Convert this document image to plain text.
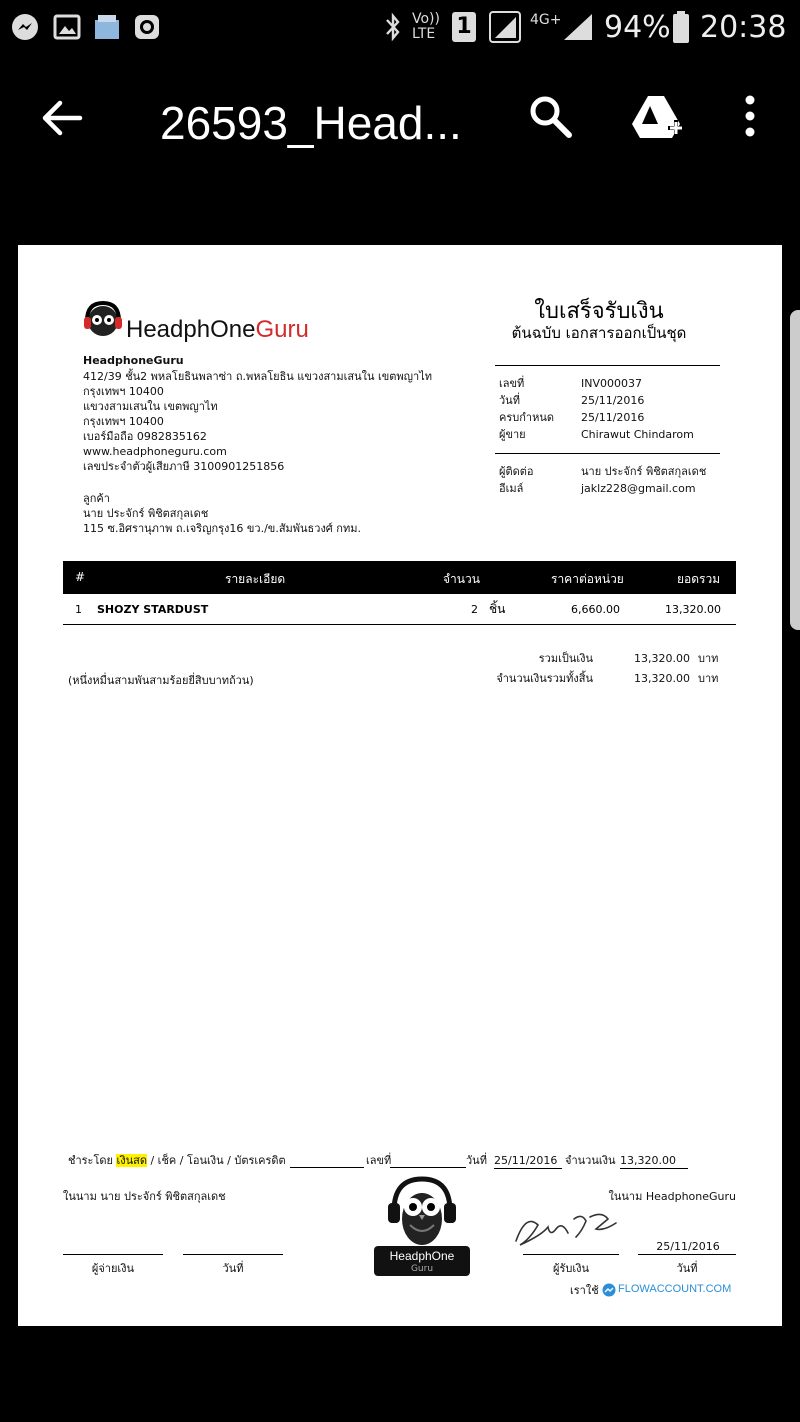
Vo)) LTE 1	4G+ 94% 20:38
26593_Head...
HeadphOneGuru
ใบเสร็จรับเงิน
ต้นฉบับ เอกสารออกเป็นชุด
HeadphoneGuru
412/39 ชั้น2 พหลโยธินพลาซ่า ถ.พหลโยธิน แขวงสามเสนใน เขตพญาไท
กรุงเทพฯ 10400
แขวงสามเสนใน เขตพญาไท
กรุงเทพฯ 10400
เบอร์มือถือ 0982835162
www.headphoneguru.com
เลขประจำตัวผู้เสียภาษี 3100901251856
ลูกค้า
นาย ประจักร์ พิชิตสกุลเดช
115 ซ.อิศรานุภาพ ถ.เจริญกรุง16 ขว./ข.สัมพันธวงศ์ กทม.
เลขที่	INV000037
วันที่	25/11/2016
ครบกำหนด 25/11/2016
ผู้ขาย	Chirawut Chindarom
ผู้ติดต่อ	นาย ประจักร์ พิชิตสกุลเดช
อีเมล์	jaklz228@gmail.com
#	รายละเอียด	จำนวน	ราคาต่อหน่วย	ยอดรวม
1 SHOZY STARDUST	2 ชิ้น	6,660.00	13,320.00
รวมเป็นเงิน	13,320.00 บาท
จำนวนเงินรวมทั้งสิ้น	13,320.00 บาท
(หนึ่งหมื่นสามพันสามร้อยยี่สิบบาทถ้วน)
ชำระโดย เงินสด / เช็ค / โอนเงิน / บัตรเครดิต	เลขที่	วันที่ 25/11/2016 จำนวนเงิน 13,320.00
ในนาม นาย ประจักร์ พิชิตสกุลเดช	ในนาม HeadphoneGuru
ผู้จ่ายเงิน	วันที่
HeadphOne
Guru
25/11/2016
ผู้รับเงิน	วันที่
เราใช้ FLOWACCOUNT.COM
